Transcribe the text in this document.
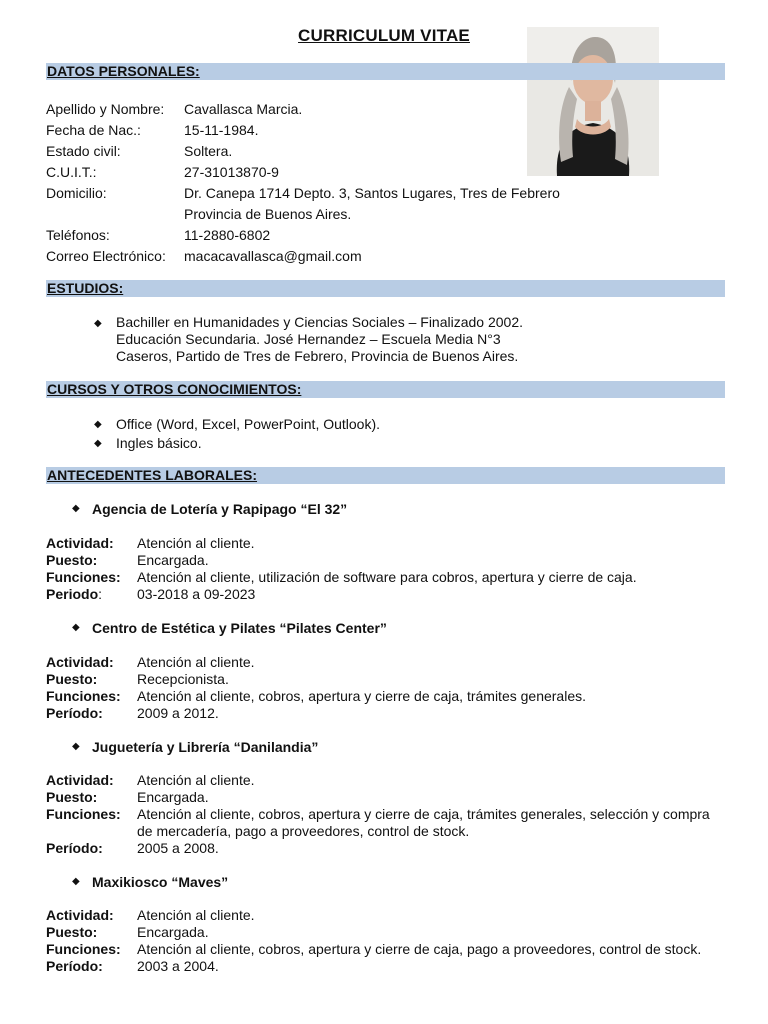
CURRICULUM VITAE
DATOS PERSONALES:
Apellido y Nombre:	Cavallasca Marcia.
Fecha de Nac.:	15-11-1984.
Estado civil:	Soltera.
C.U.I.T.:	27-31013870-9
Domicilio:	Dr. Canepa 1714 Depto. 3, Santos Lugares, Tres de Febrero
Provincia de Buenos Aires.
Teléfonos:	11-2880-6802
Correo Electrónico:	macacavallasca@gmail.com
ESTUDIOS:
◆	Bachiller en Humanidades y Ciencias Sociales – Finalizado 2002.
Educación Secundaria. José Hernandez – Escuela Media N°3
Caseros, Partido de Tres de Febrero, Provincia de Buenos Aires.
CURSOS Y OTROS CONOCIMIENTOS:
◆	Office (Word, Excel, PowerPoint, Outlook).
◆	Ingles básico.
ANTECEDENTES LABORALES:
◆ Agencia de Lotería y Rapipago “El 32”
Actividad:	Atención al cliente.
Puesto:	Encargada.
Funciones:	Atención al cliente, utilización de software para cobros, apertura y cierre de caja.
Periodo:	03-2018 a 09-2023
◆ Centro de Estética y Pilates “Pilates Center”
Actividad:	Atención al cliente.
Puesto:	Recepcionista.
Funciones:	Atención al cliente, cobros, apertura y cierre de caja, trámites generales.
Período:	2009 a 2012.
◆ Juguetería y Librería “Danilandia”
Actividad:	Atención al cliente.
Puesto:	Encargada.
Funciones:	Atención al cliente, cobros, apertura y cierre de caja, trámites generales, selección y compra de mercadería, pago a proveedores, control de stock.
Período:	2005 a 2008.
◆ Maxikiosco “Maves”
Actividad:	Atención al cliente.
Puesto:	Encargada.
Funciones:	Atención al cliente, cobros, apertura y cierre de caja, pago a proveedores, control de stock.
Período:	2003 a 2004.
